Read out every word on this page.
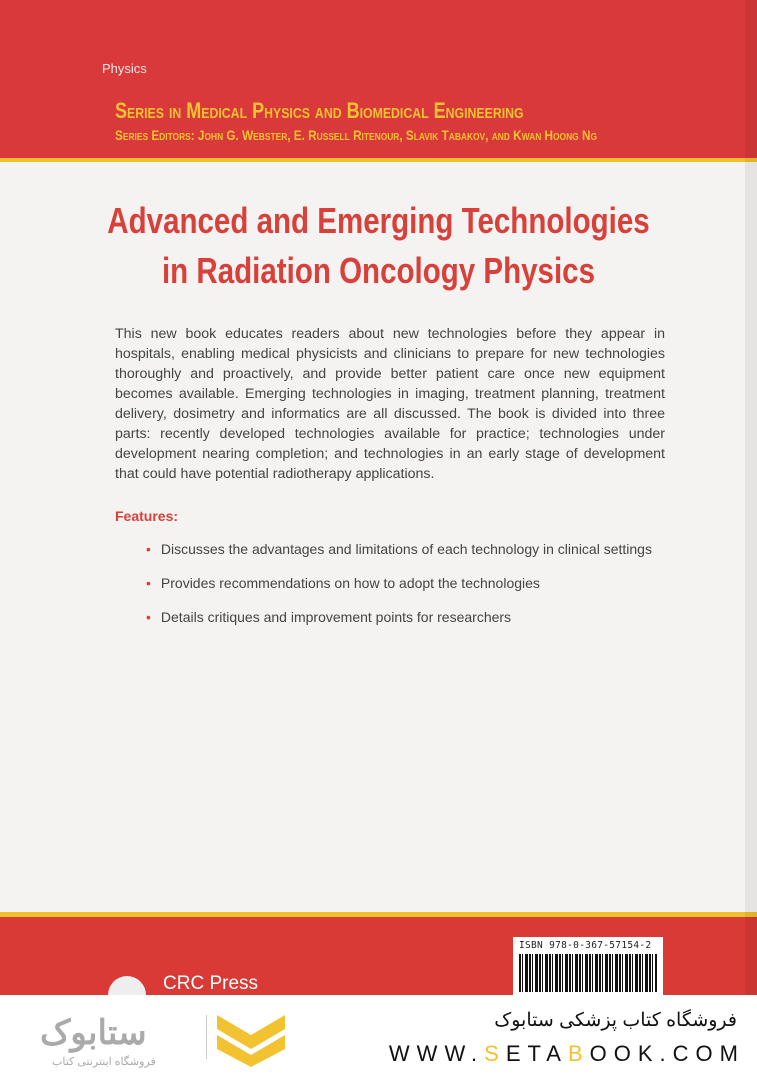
Physics
Series in Medical Physics and Biomedical Engineering
Series Editors: John G. Webster, E. Russell Ritenour, Slavik Tabakov, and Kwan Hoong Ng
Advanced and Emerging Technologies
in Radiation Oncology Physics
This new book educates readers about new technologies before they appear in hospitals, enabling medical physicists and clinicians to prepare for new technologies thoroughly and proactively, and provide better patient care once new equipment becomes available. Emerging technologies in imaging, treatment planning, treatment delivery, dosimetry and informatics are all discussed. The book is divided into three parts: recently developed technologies available for practice; technologies under development nearing completion; and technologies in an early stage of development that could have potential radiotherapy applications.
Features:
• Discusses the advantages and limitations of each technology in clinical settings
• Provides recommendations on how to adopt the technologies
• Details critiques and improvement points for researchers
ISBN 978-0-367-57154-2
CRC Press
ستابوک
فروشگاه اینترنتی کتاب
فروشگاه کتاب پزشکی ستابوک
WWW.SETABOOK.COM
